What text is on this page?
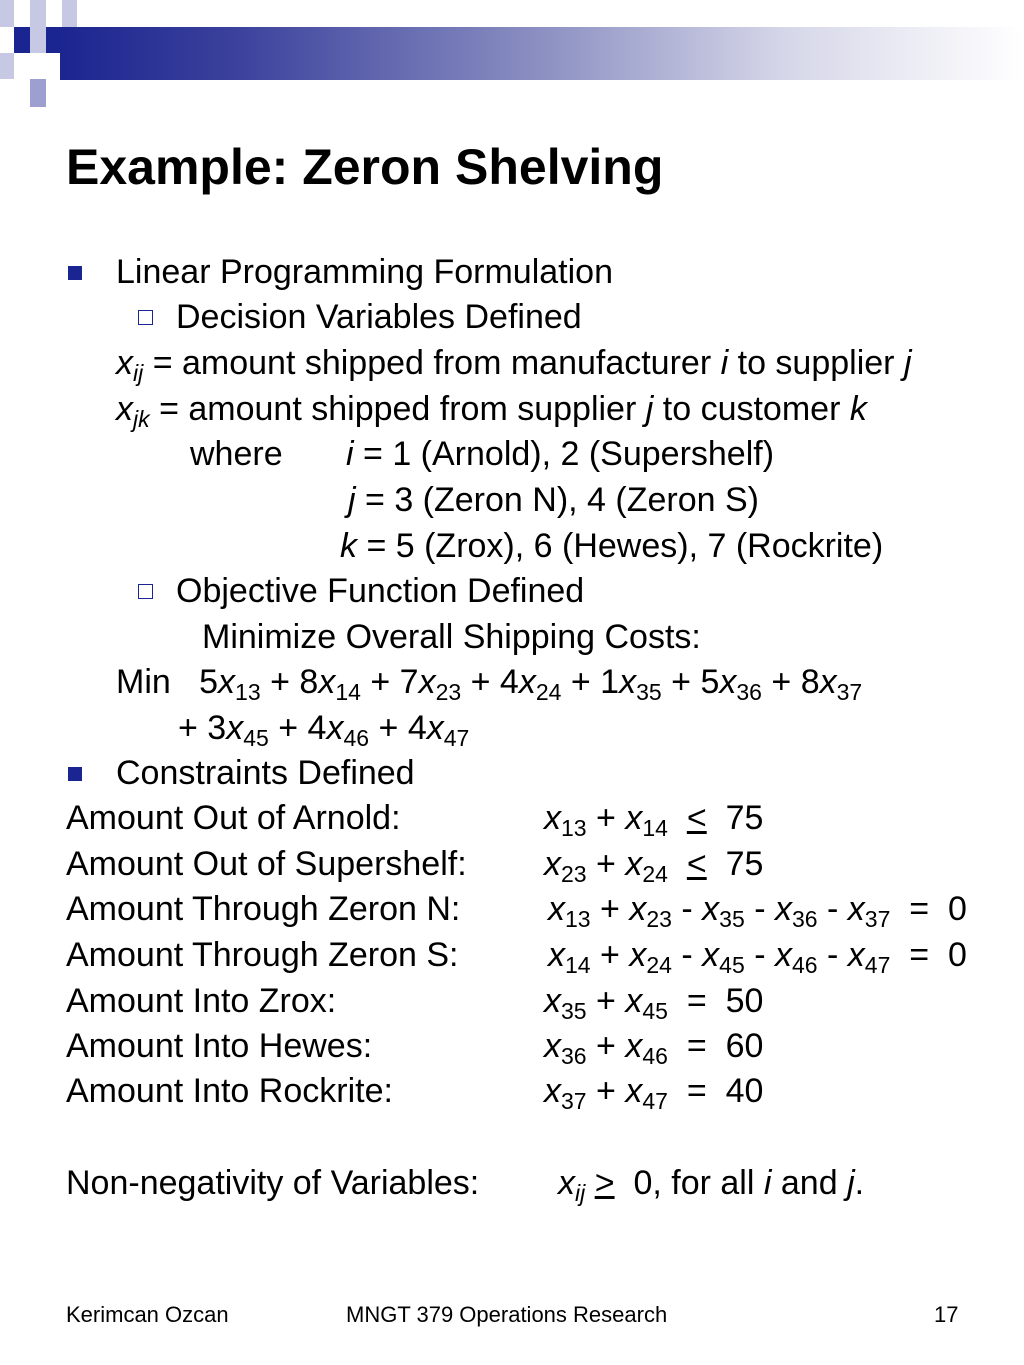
Example: Zeron Shelving
Linear Programming Formulation
Decision Variables Defined
$x_{ij}$ = amount shipped from manufacturer i to supplier j
$x_{jk}$ = amount shipped from supplier j to customer k
where i = 1 (Arnold), 2 (Supershelf)
j = 3 (Zeron N), 4 (Zeron S)
k = 5 (Zrox), 6 (Hewes), 7 (Rockrite)
Objective Function Defined
Minimize Overall Shipping Costs:
Min   $5x_{13} + 8x_{14} + 7x_{23} + 4x_{24} + 1x_{35} + 5x_{36} + 8x_{37}$
+ $3x_{45} + 4x_{46} + 4x_{47}$
Constraints Defined
Amount Out of Arnold:	$x_{13} + x_{14} < 75$
Amount Out of Supershelf: $x_{23} + x_{24} < 75$
Amount Through Zeron N:	$x_{13} + x_{23} - x_{35} - x_{36} - x_{37} = 0$
Amount Through Zeron S:	$x_{14} + x_{24} - x_{45} - x_{46} - x_{47} = 0$
Amount Into Zrox:	$x_{35} + x_{45} = 50$
Amount Into Hewes:	$x_{36} + x_{46} = 60$
Amount Into Rockrite:	$x_{37} + x_{47} = 40$
Non-negativity of Variables: $x_{ij} > 0$, for all i and j.
Kerimcan Ozcan	MNGT 379 Operations Research	17
